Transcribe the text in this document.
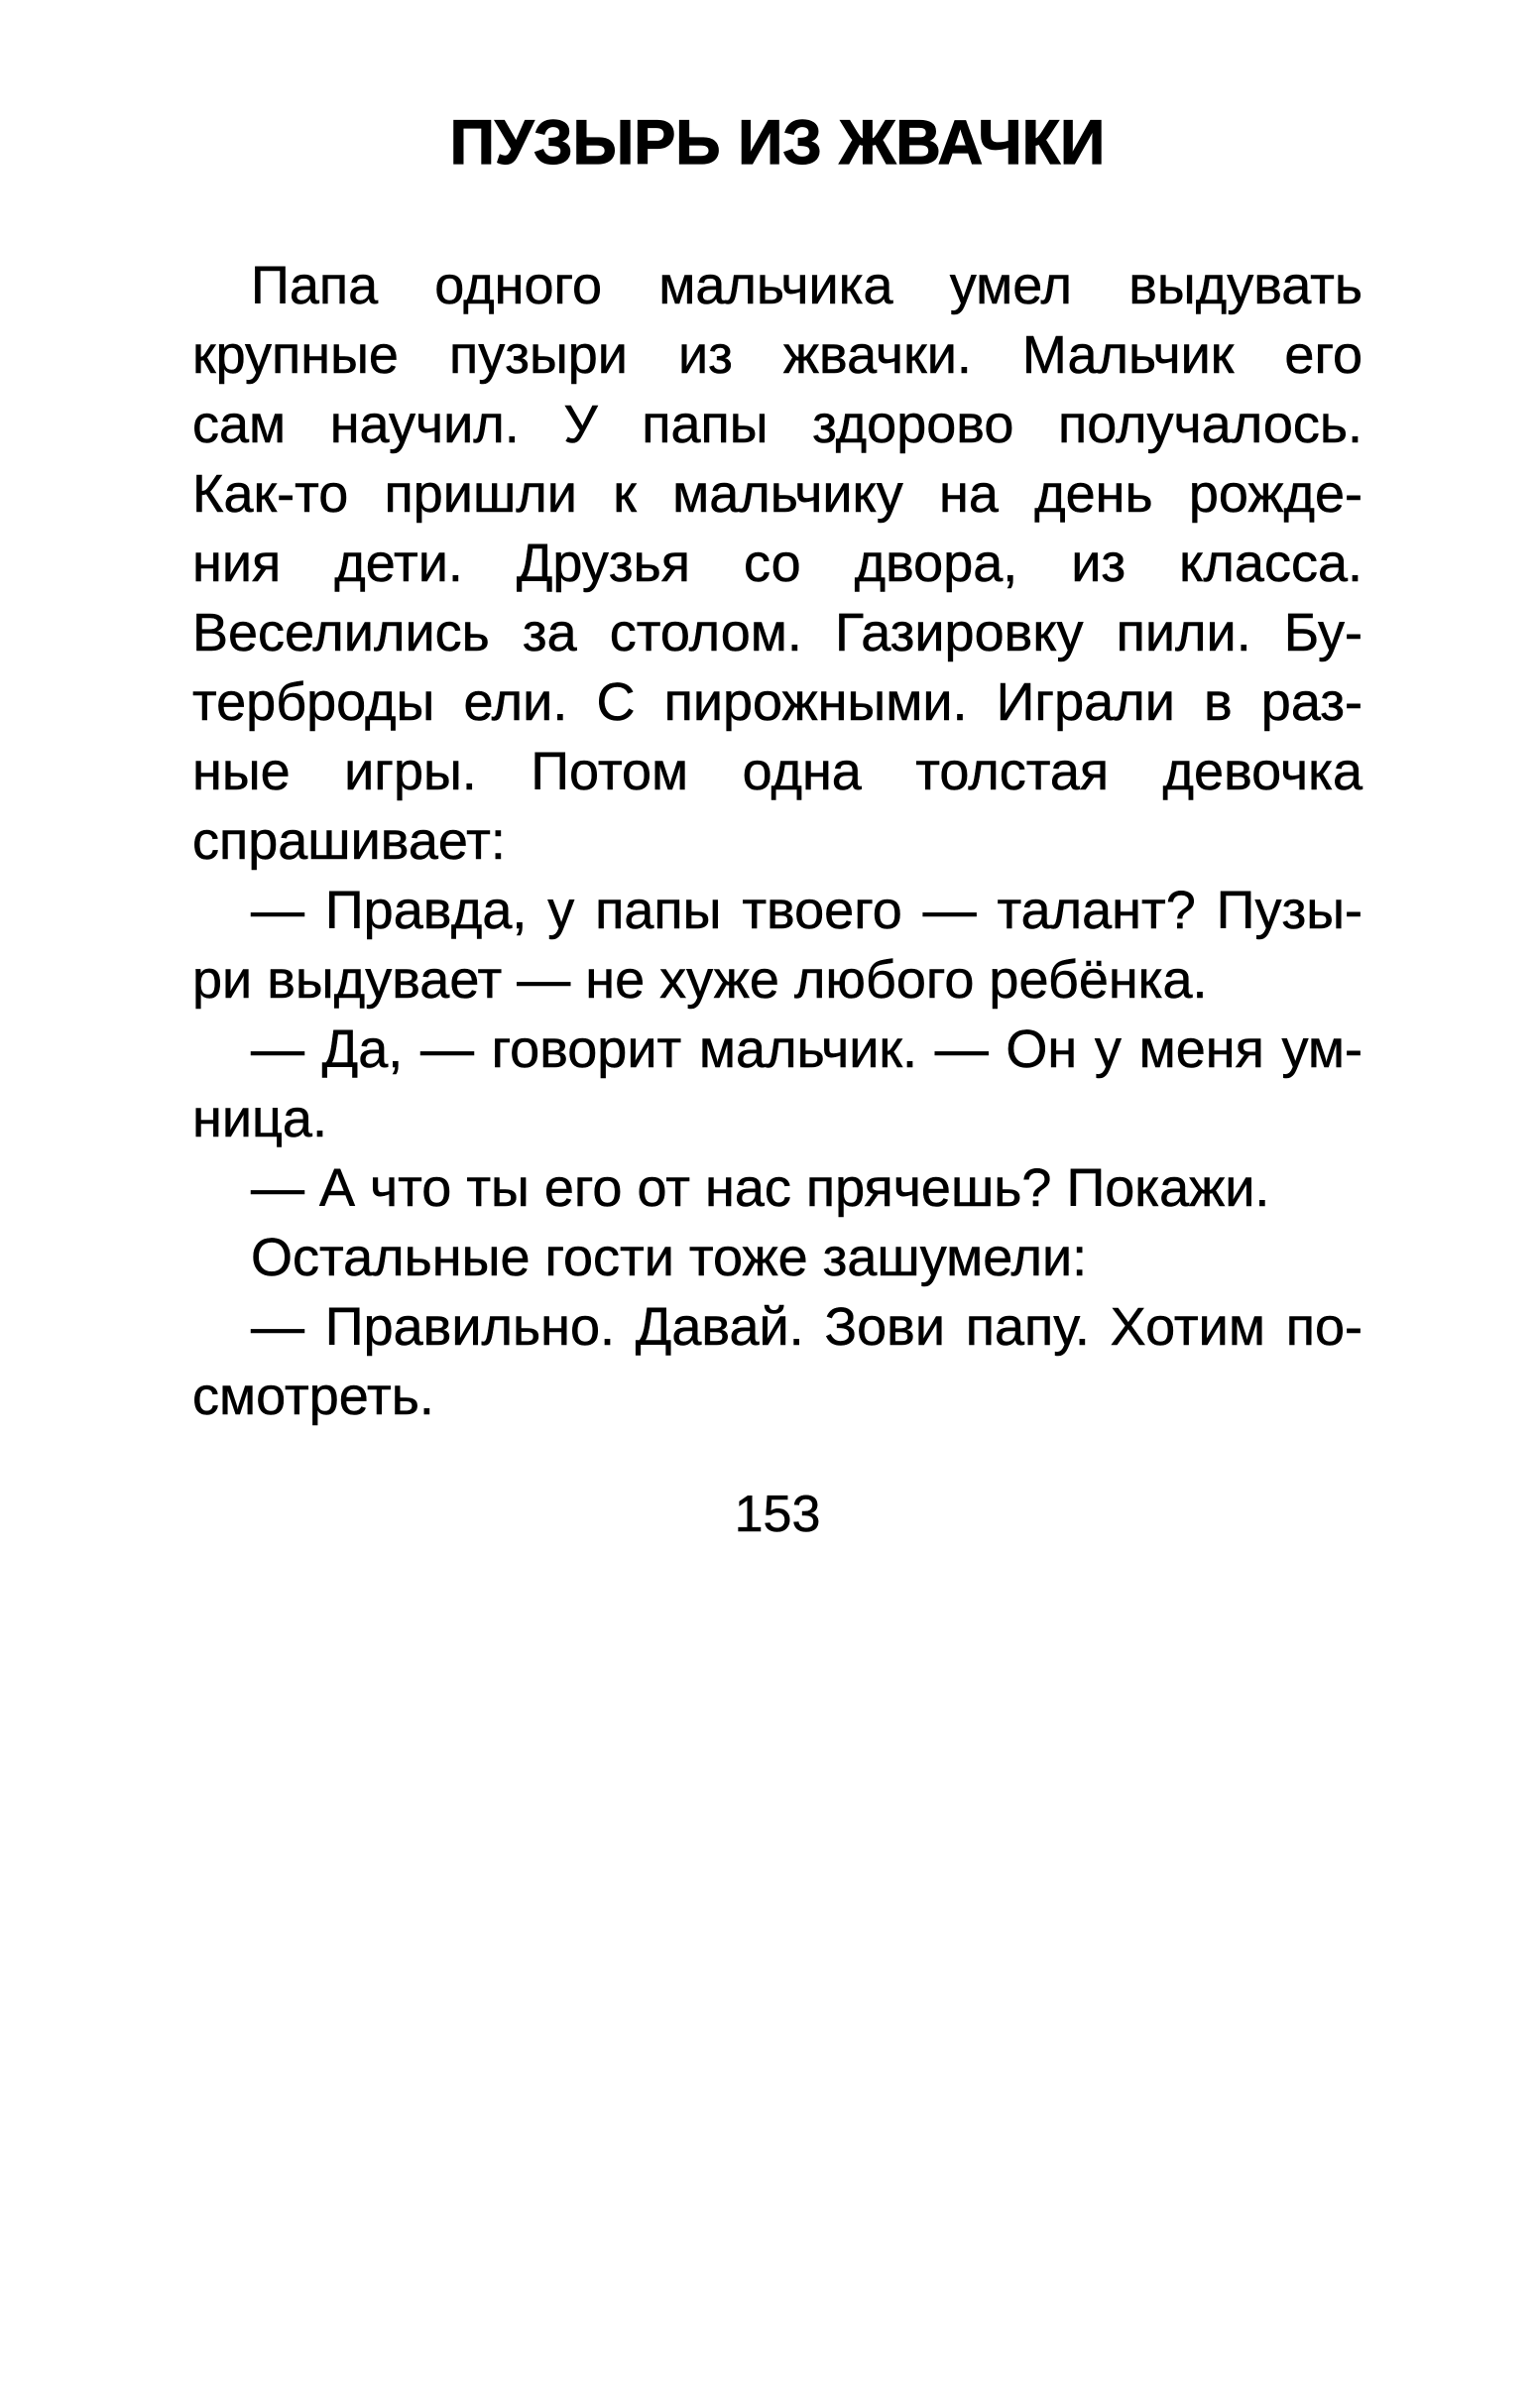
ПУЗЫРЬ ИЗ ЖВАЧКИ
Папа одного мальчика умел выдувать
крупные пузыри из жвачки. Мальчик его
сам научил. У папы здорово получалось.
Как-то пришли к мальчику на день рожде-
ния дети. Друзья со двора, из класса.
Веселились за столом. Газировку пили. Бу-
терброды ели. С пирожными. Играли в раз-
ные игры. Потом одна толстая девочка
спрашивает:
— Правда, у папы твоего — талант? Пузы-
ри выдувает — не хуже любого ребёнка.
— Да, — говорит мальчик. — Он у меня ум-
ница.
— А что ты его от нас прячешь? Покажи.
Остальные гости тоже зашумели:
— Правильно. Давай. Зови папу. Хотим по-
смотреть.
153
